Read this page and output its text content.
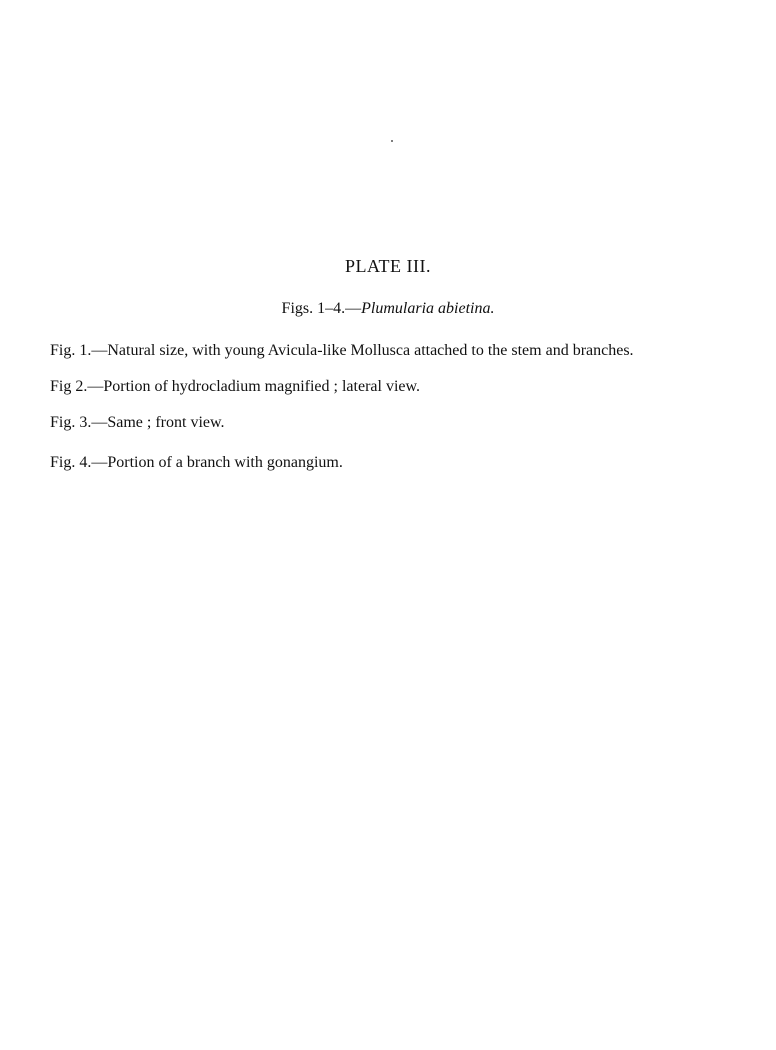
PLATE III.
Figs. 1–4.—Plumularia abietina.
Fig. 1.—Natural size, with young Avicula-like Mollusca attached to the stem and branches.
Fig 2.—Portion of hydrocladium magnified ; lateral view.
Fig. 3.—Same ; front view.
Fig. 4.—Portion of a branch with gonangium.
